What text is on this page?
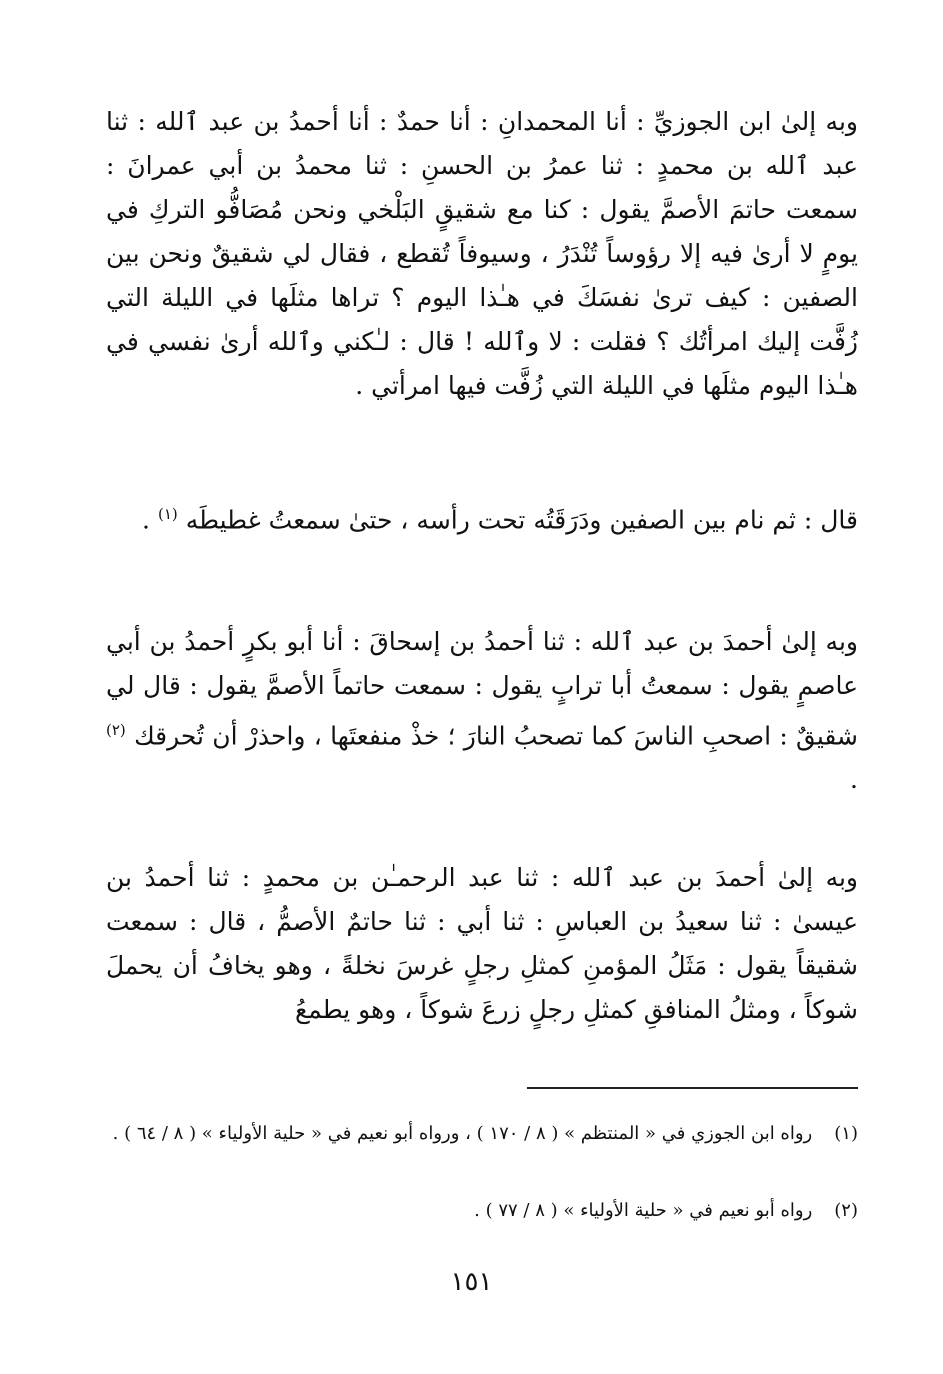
وبه إلىٰ ابن الجوزيِّ : أنا المحمدانِ : أنا حمدٌ : أنا أحمدُ بن عبد ٱلله : ثنا عبد ٱلله بن محمدٍ : ثنا عمرُ بن الحسنِ : ثنا محمدُ بن أبي عمرانَ : سمعت حاتمَ الأصمَّ يقول : كنا مع شقيقٍ البَلْخي ونحن مُصَافُّو التركِ في يومٍ لا أرىٰ فيه إلا رؤوساً تُنْدَرُ ، وسيوفاً تُقطع ، فقال لي شقيقٌ ونحن بين الصفين : كيف ترىٰ نفسَكَ في هـٰذا اليوم ؟ تراها مثلَها في الليلة التي زُفَّت إليك امرأتُك ؟ فقلت : لا وٱلله ! قال : لـٰكني وٱلله أرىٰ نفسي في هـٰذا اليوم مثلَها في الليلة التي زُفَّت فيها امرأتي .
قال : ثم نام بين الصفين ودَرَقَتُه تحت رأسه ، حتىٰ سمعتُ غطيطَه $^{(١)}$ .
وبه إلىٰ أحمدَ بن عبد ٱلله : ثنا أحمدُ بن إسحاقَ : أنا أبو بكرٍ أحمدُ بن أبي عاصمٍ يقول : سمعتُ أبا ترابٍ يقول : سمعت حاتماً الأصمَّ يقول : قال لي شقيقٌ : اصحبِ الناسَ كما تصحبُ النارَ ؛ خذْ منفعتَها ، واحذرْ أن تُحرقك $^{(٢)}$ .
وبه إلىٰ أحمدَ بن عبد ٱلله : ثنا عبد الرحمـٰن بن محمدٍ : ثنا أحمدُ بن عيسىٰ : ثنا سعيدُ بن العباسِ : ثنا أبي : ثنا حاتمٌ الأصمُّ ، قال : سمعت شقيقاً يقول : مَثَلُ المؤمنِ كمثلِ رجلٍ غرسَ نخلةً ، وهو يخافُ أن يحملَ شوكاً ، ومثلُ المنافقِ كمثلِ رجلٍ زرعَ شوكاً ، وهو يطمعُ
(١)رواه ابن الجوزي في « المنتظم » ( ٨ / ١٧٠ ) ، ورواه أبو نعيم في « حلية الأولياء » ( ٨ / ٦٤ ) .
(٢)رواه أبو نعيم في « حلية الأولياء » ( ٨ / ٧٧ ) .
١٥١
